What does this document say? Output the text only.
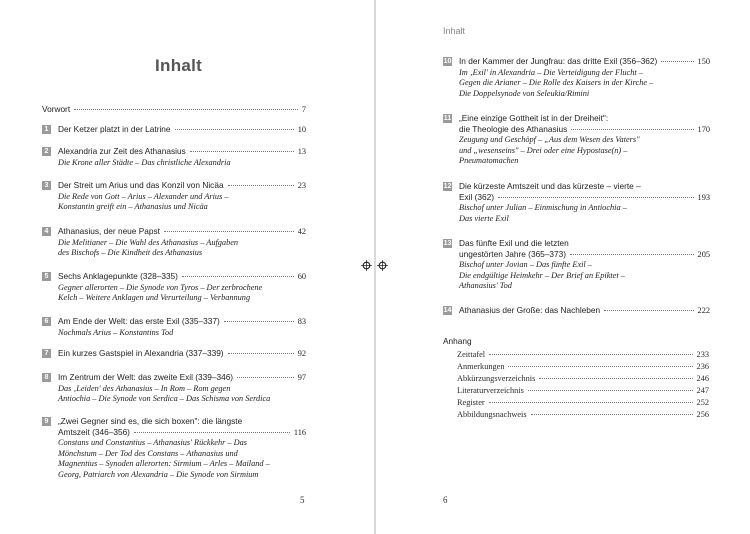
Inhalt
Vorwort	7
1	Der Ketzer platzt in der Latrine	10
2	Alexandria zur Zeit des Athanasius	13
Die Krone aller Städte – Das christliche Alexandria
3	Der Streit um Arius und das Konzil von Nicäa	23
Die Rede von Gott – Arius – Alexander und Arius –
Konstantin greift ein – Athanasius und Nicäa
4	Athanasius, der neue Papst	42
Die Melitianer – Die Wahl des Athanasius – Aufgaben
des Bischofs – Die Kindheit des Athanasius
5	Sechs Anklagepunkte (328–335)	60
Gegner allerorten – Die Synode von Tyros – Der zerbrochene
Kelch – Weitere Anklagen und Verurteilung – Verbannung
6	Am Ende der Welt: das erste Exil (335–337)	83
Nochmals Arius – Konstantins Tod
7	Ein kurzes Gastspiel in Alexandria (337–339)	92
8	Im Zentrum der Welt: das zweite Exil (339–346)	97
Das ‚Leiden' des Athanasius – In Rom – Rom gegen
Antiochia – Die Synode von Serdica – Das Schisma von Serdica
9	„Zwei Gegner sind es, die sich boxen": die längste
Amtszeit (346–356)	116
Constans und Constantius – Athanasius' Rückkehr – Das
Mönchstum – Der Tod des Constans – Athanasius und
Magnentius – Synoden allerorten: Sirmium – Arles – Mailand –
Georg, Patriarch von Alexandria – Die Synode von Sirmium
5
Inhalt
10 In der Kammer der Jungfrau: das dritte Exil (356–362)	150
Im ‚Exil' in Alexandria – Die Verteidigung der Flucht –
Gegen die Arianer – Die Rolle des Kaisers in der Kirche –
Die Doppelsynode von Seleukia/Rimini
11 „Eine einzige Gottheit ist in der Dreiheit":
die Theologie des Athanasius	170
Zeugung und Geschöpf – „Aus dem Wesen des Vaters"
und „wesenseins" – Drei oder eine Hypostase(n) –
Pneumatomachen
12 Die kürzeste Amtszeit und das kürzeste – vierte –
Exil (362)	193
Bischof unter Julian – Einmischung in Antiochia –
Das vierte Exil
13 Das fünfte Exil und die letzten
ungestörten Jahre (365–373)	205
Bischof unter Jovian – Das fünfte Exil –
Die endgültige Heimkehr – Der Brief an Epiktet –
Athanasius' Tod
14 Athanasius der Große: das Nachleben	222
Anhang
Zeittafel	233
Anmerkungen	236
Abkürzungsverzeichnis	246
Literaturverzeichnis	247
Register	252
Abbildungsnachweis	256
6
